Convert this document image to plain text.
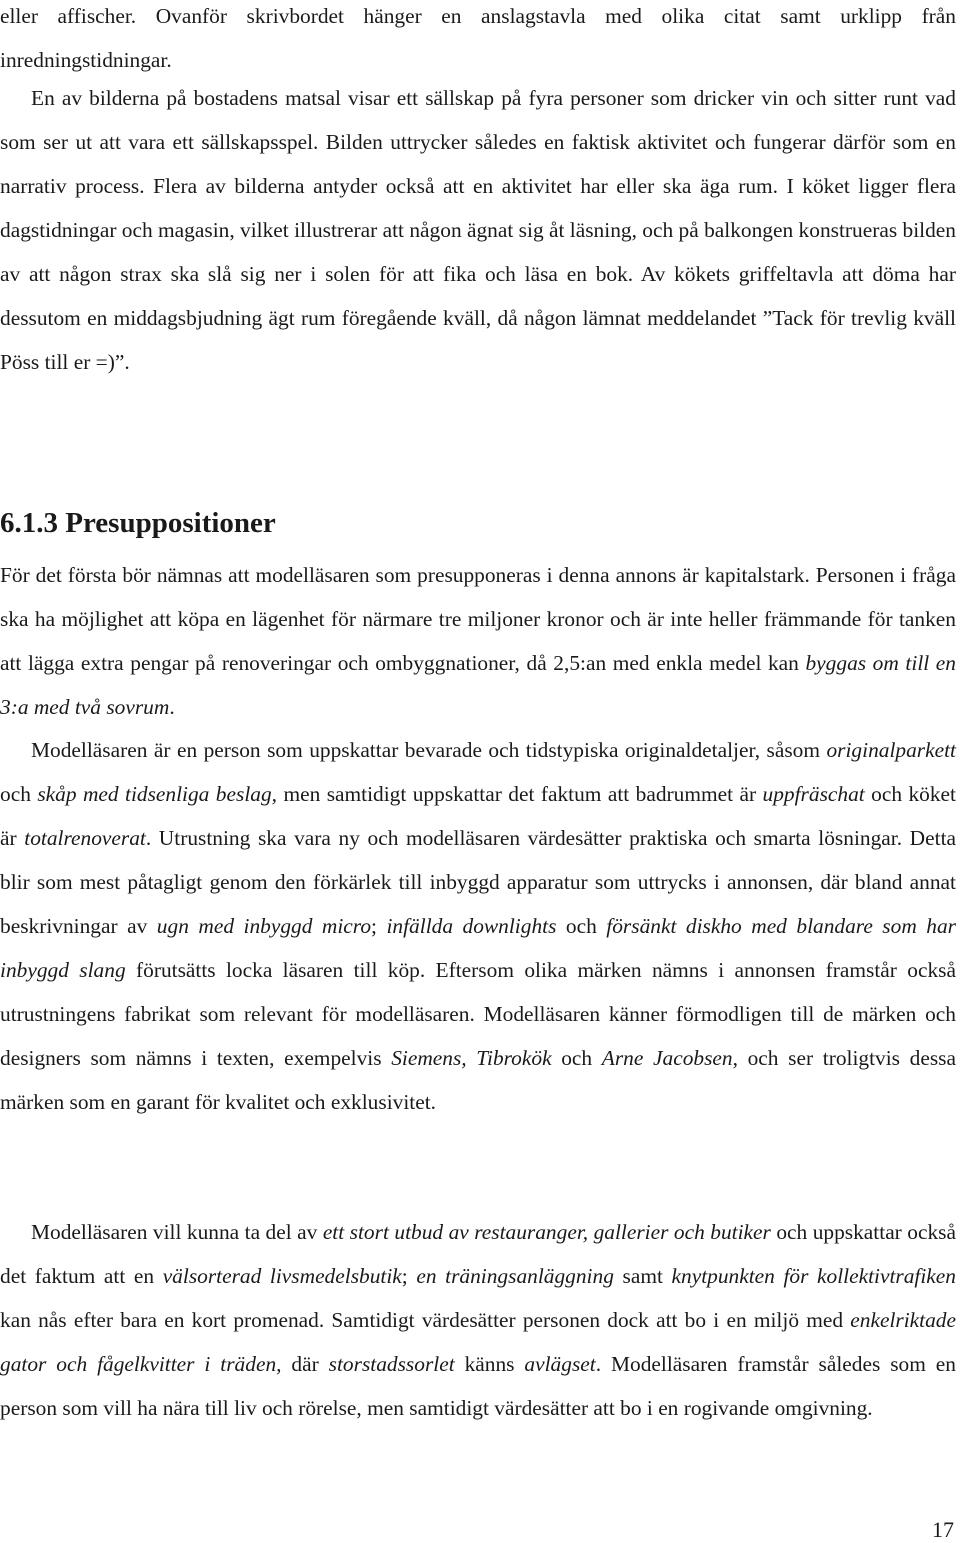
eller affischer. Ovanför skrivbordet hänger en anslagstavla med olika citat samt urklipp från inredningstidningar.

En av bilderna på bostadens matsal visar ett sällskap på fyra personer som dricker vin och sitter runt vad som ser ut att vara ett sällskapsspel. Bilden uttrycker således en faktisk aktivitet och fungerar därför som en narrativ process. Flera av bilderna antyder också att en aktivitet har eller ska äga rum. I köket ligger flera dagstidningar och magasin, vilket illustrerar att någon ägnat sig åt läsning, och på balkongen konstrueras bilden av att någon strax ska slå sig ner i solen för att fika och läsa en bok. Av kökets griffeltavla att döma har dessutom en middagsbjudning ägt rum föregående kväll, då någon lämnat meddelandet ”Tack för trevlig kväll Pöss till er =)”.

6.1.3 Presuppositioner

För det första bör nämnas att modelläsaren som presupponeras i denna annons är kapitalstark. Personen i fråga ska ha möjlighet att köpa en lägenhet för närmare tre miljoner kronor och är inte heller främmande för tanken att lägga extra pengar på renoveringar och ombyggnationer, då 2,5:an med enkla medel kan byggas om till en 3:a med två sovrum.

Modelläsaren är en person som uppskattar bevarade och tidstypiska originaldetaljer, såsom originalparkett och skåp med tidsenliga beslag, men samtidigt uppskattar det faktum att badrummet är uppfräschat och köket är totalrenoverat. Utrustning ska vara ny och modelläsaren värdesätter praktiska och smarta lösningar. Detta blir som mest påtagligt genom den förkärlek till inbyggd apparatur som uttrycks i annonsen, där bland annat beskrivningar av ugn med inbyggd micro; infällda downlights och försänkt diskho med blandare som har inbyggd slang förutsätts locka läsaren till köp. Eftersom olika märken nämns i annonsen framstår också utrustningens fabrikat som relevant för modelläsaren. Modelläsaren känner förmodligen till de märken och designers som nämns i texten, exempelvis Siemens, Tibrokök och Arne Jacobsen, och ser troligtvis dessa märken som en garant för kvalitet och exklusivitet.

Modelläsaren vill kunna ta del av ett stort utbud av restauranger, gallerier och butiker och uppskattar också det faktum att en välsorterad livsmedelsbutik; en träningsanläggning samt knytpunkten för kollektivtrafiken kan nås efter bara en kort promenad. Samtidigt värdesätter personen dock att bo i en miljö med enkelriktade gator och fågelkvitter i träden, där storstadssorlet känns avlägset. Modelläsaren framstår således som en person som vill ha nära till liv och rörelse, men samtidigt värdesätter att bo i en rogivande omgivning.

17
